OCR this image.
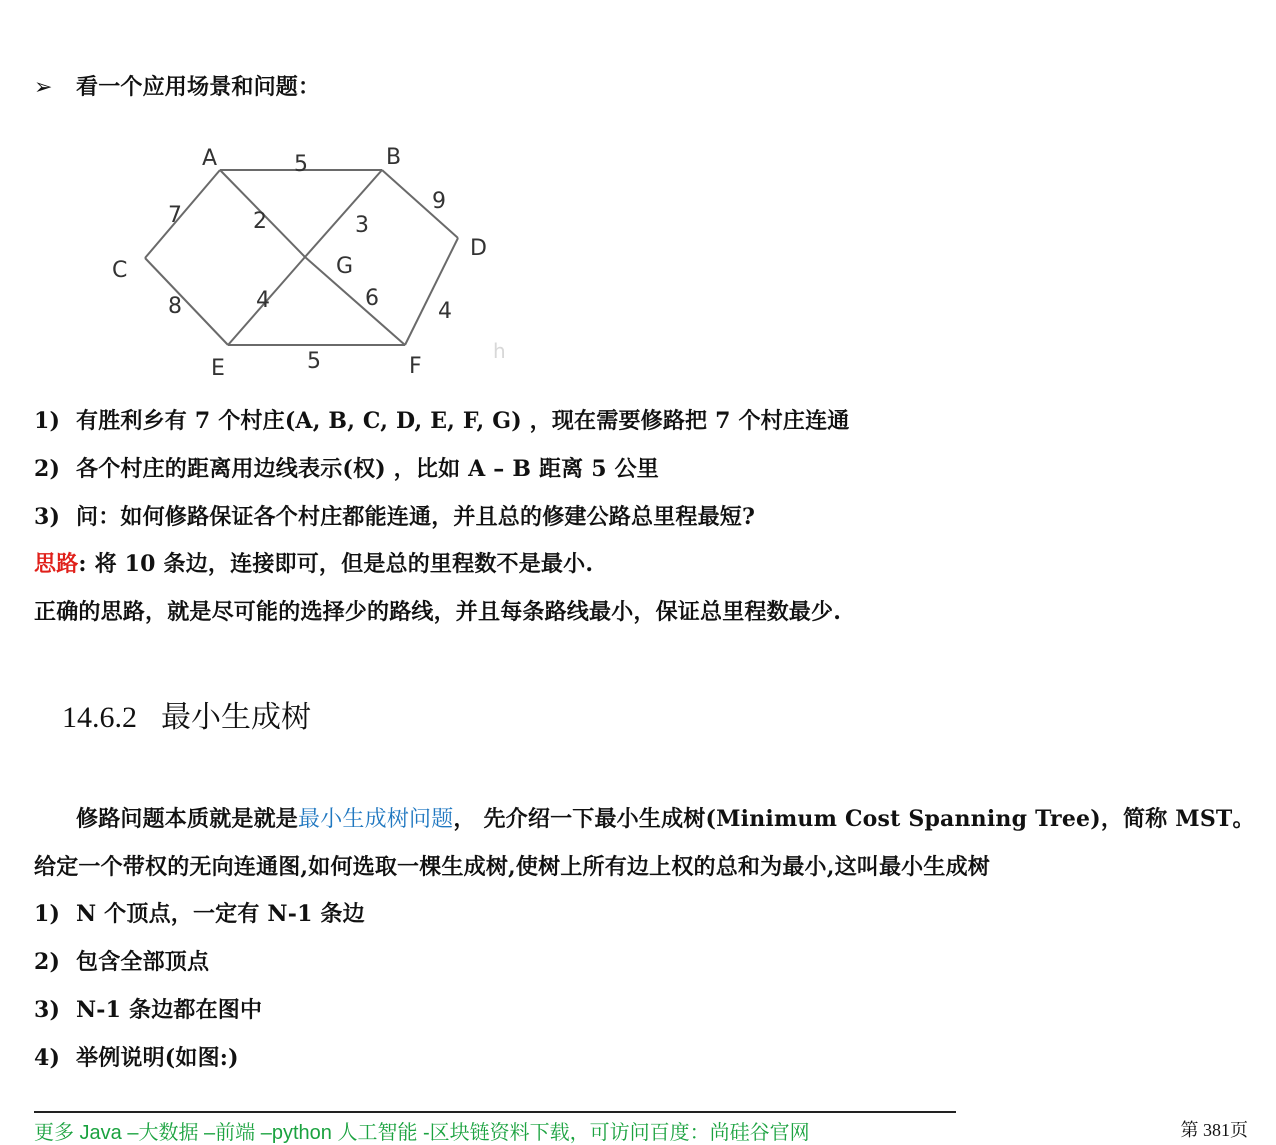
➢ 看一个应用场景和问题：
5
7	2	3
9
8	4	6
4
5
A	B
C
D
E	F
G
h
1) 有胜利乡有 7 个村庄(A, B, C, D, E, F, G) ，现在需要修路把 7 个村庄连通
2) 各个村庄的距离用边线表示(权) ，比如 A – B 距离 5 公里
3) 问：如何修路保证各个村庄都能连通，并且总的修建公路总里程最短?
思路: 将 10 条边，连接即可，但是总的里程数不是最小.
正确的思路，就是尽可能的选择少的路线，并且每条路线最小，保证总里程数最少.
14.6.2 最小生成树
修路问题本质就是就是最小生成树问题， 先介绍一下最小生成树(Minimum Cost Spanning Tree)，简称 MST。
给定一个带权的无向连通图,如何选取一棵生成树,使树上所有边上权的总和为最小,这叫最小生成树
1) N 个顶点，一定有 N-1 条边
2) 包含全部顶点
3) N-1 条边都在图中
4) 举例说明(如图:)
更多 Java –大数据 –前端 –python 人工智能 -区块链资料下载，可访问百度：尚硅谷官网	第 381页
